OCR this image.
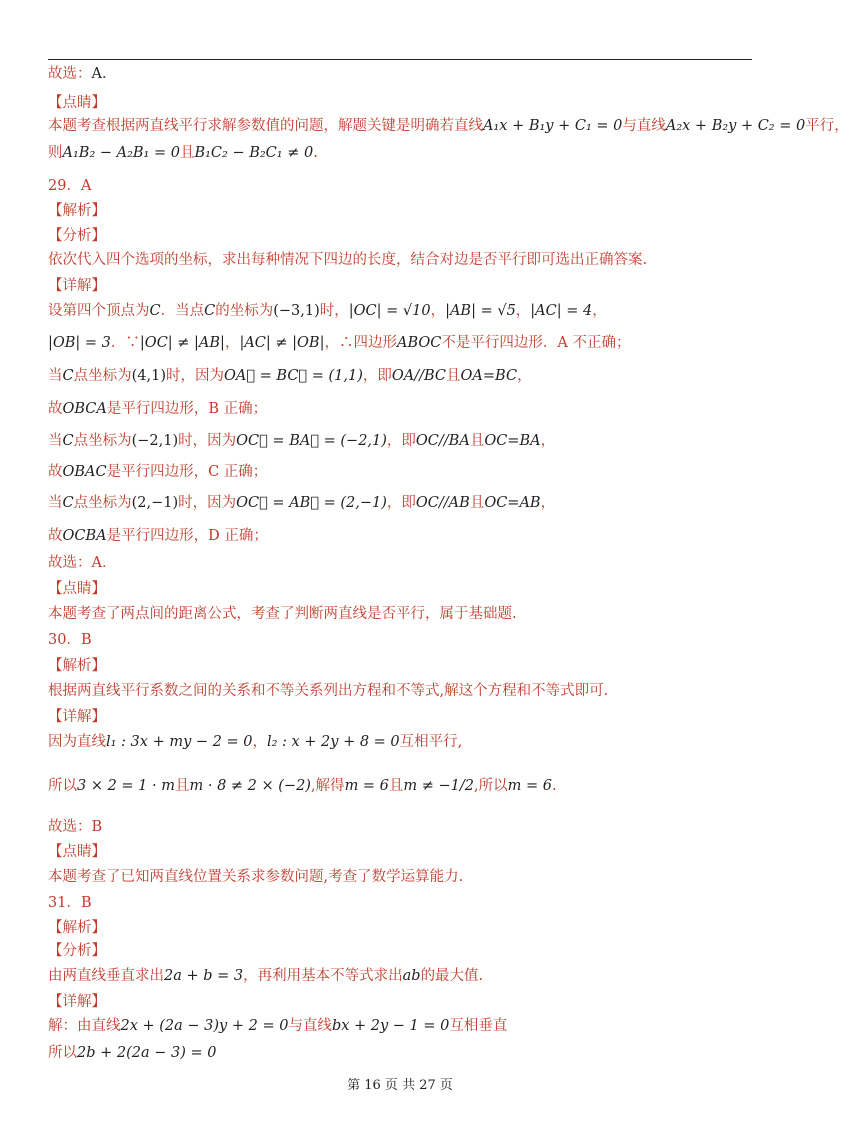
故选：A．
【点睛】
本题考查根据两直线平行求解参数值的问题，解题关键是明确若直线A₁x + B₁y + C₁ = 0与直线A₂x + B₂y + C₂ = 0平行，
则A₁B₂ − A₂B₁ = 0且B₁C₂ − B₂C₁ ≠ 0.
29．A
【解析】
【分析】
依次代入四个选项的坐标，求出每种情况下四边的长度，结合对边是否平行即可选出正确答案.
【详解】
设第四个顶点为C．当点C的坐标为(−3,1)时，|OC| = √10，|AB| = √5，|AC| = 4，
|OB| = 3．∵|OC| ≠ |AB|，|AC| ≠ |OB|，∴四边形ABOC不是平行四边形．A 不正确；
当C点坐标为(4,1)时，因为OA⃗ = BC⃗ = (1,1)，即OA//BC且OA=BC，
故OBCA是平行四边形，B 正确；
当C点坐标为(−2,1)时，因为OC⃗ = BA⃗ = (−2,1)，即OC//BA且OC=BA，
故OBAC是平行四边形，C 正确；
当C点坐标为(2,−1)时，因为OC⃗ = AB⃗ = (2,−1)，即OC//AB且OC=AB，
故OCBA是平行四边形，D 正确；
故选：A．
【点睛】
本题考查了两点间的距离公式，考查了判断两直线是否平行，属于基础题.
30．B
【解析】
根据两直线平行系数之间的关系和不等关系列出方程和不等式,解这个方程和不等式即可.
【详解】
因为直线l₁ : 3x + my − 2 = 0，l₂ : x + 2y + 8 = 0互相平行,
所以3 × 2 = 1 · m且m · 8 ≠ 2 × (−2),解得m = 6且m ≠ −1/2,所以m = 6.
故选：B
【点睛】
本题考查了已知两直线位置关系求参数问题,考查了数学运算能力.
31．B
【解析】
【分析】
由两直线垂直求出2a + b = 3，再利用基本不等式求出ab的最大值.
【详解】
解：由直线2x + (2a − 3)y + 2 = 0与直线bx + 2y − 1 = 0互相垂直
所以2b + 2(2a − 3) = 0
第 16 页 共 27 页
